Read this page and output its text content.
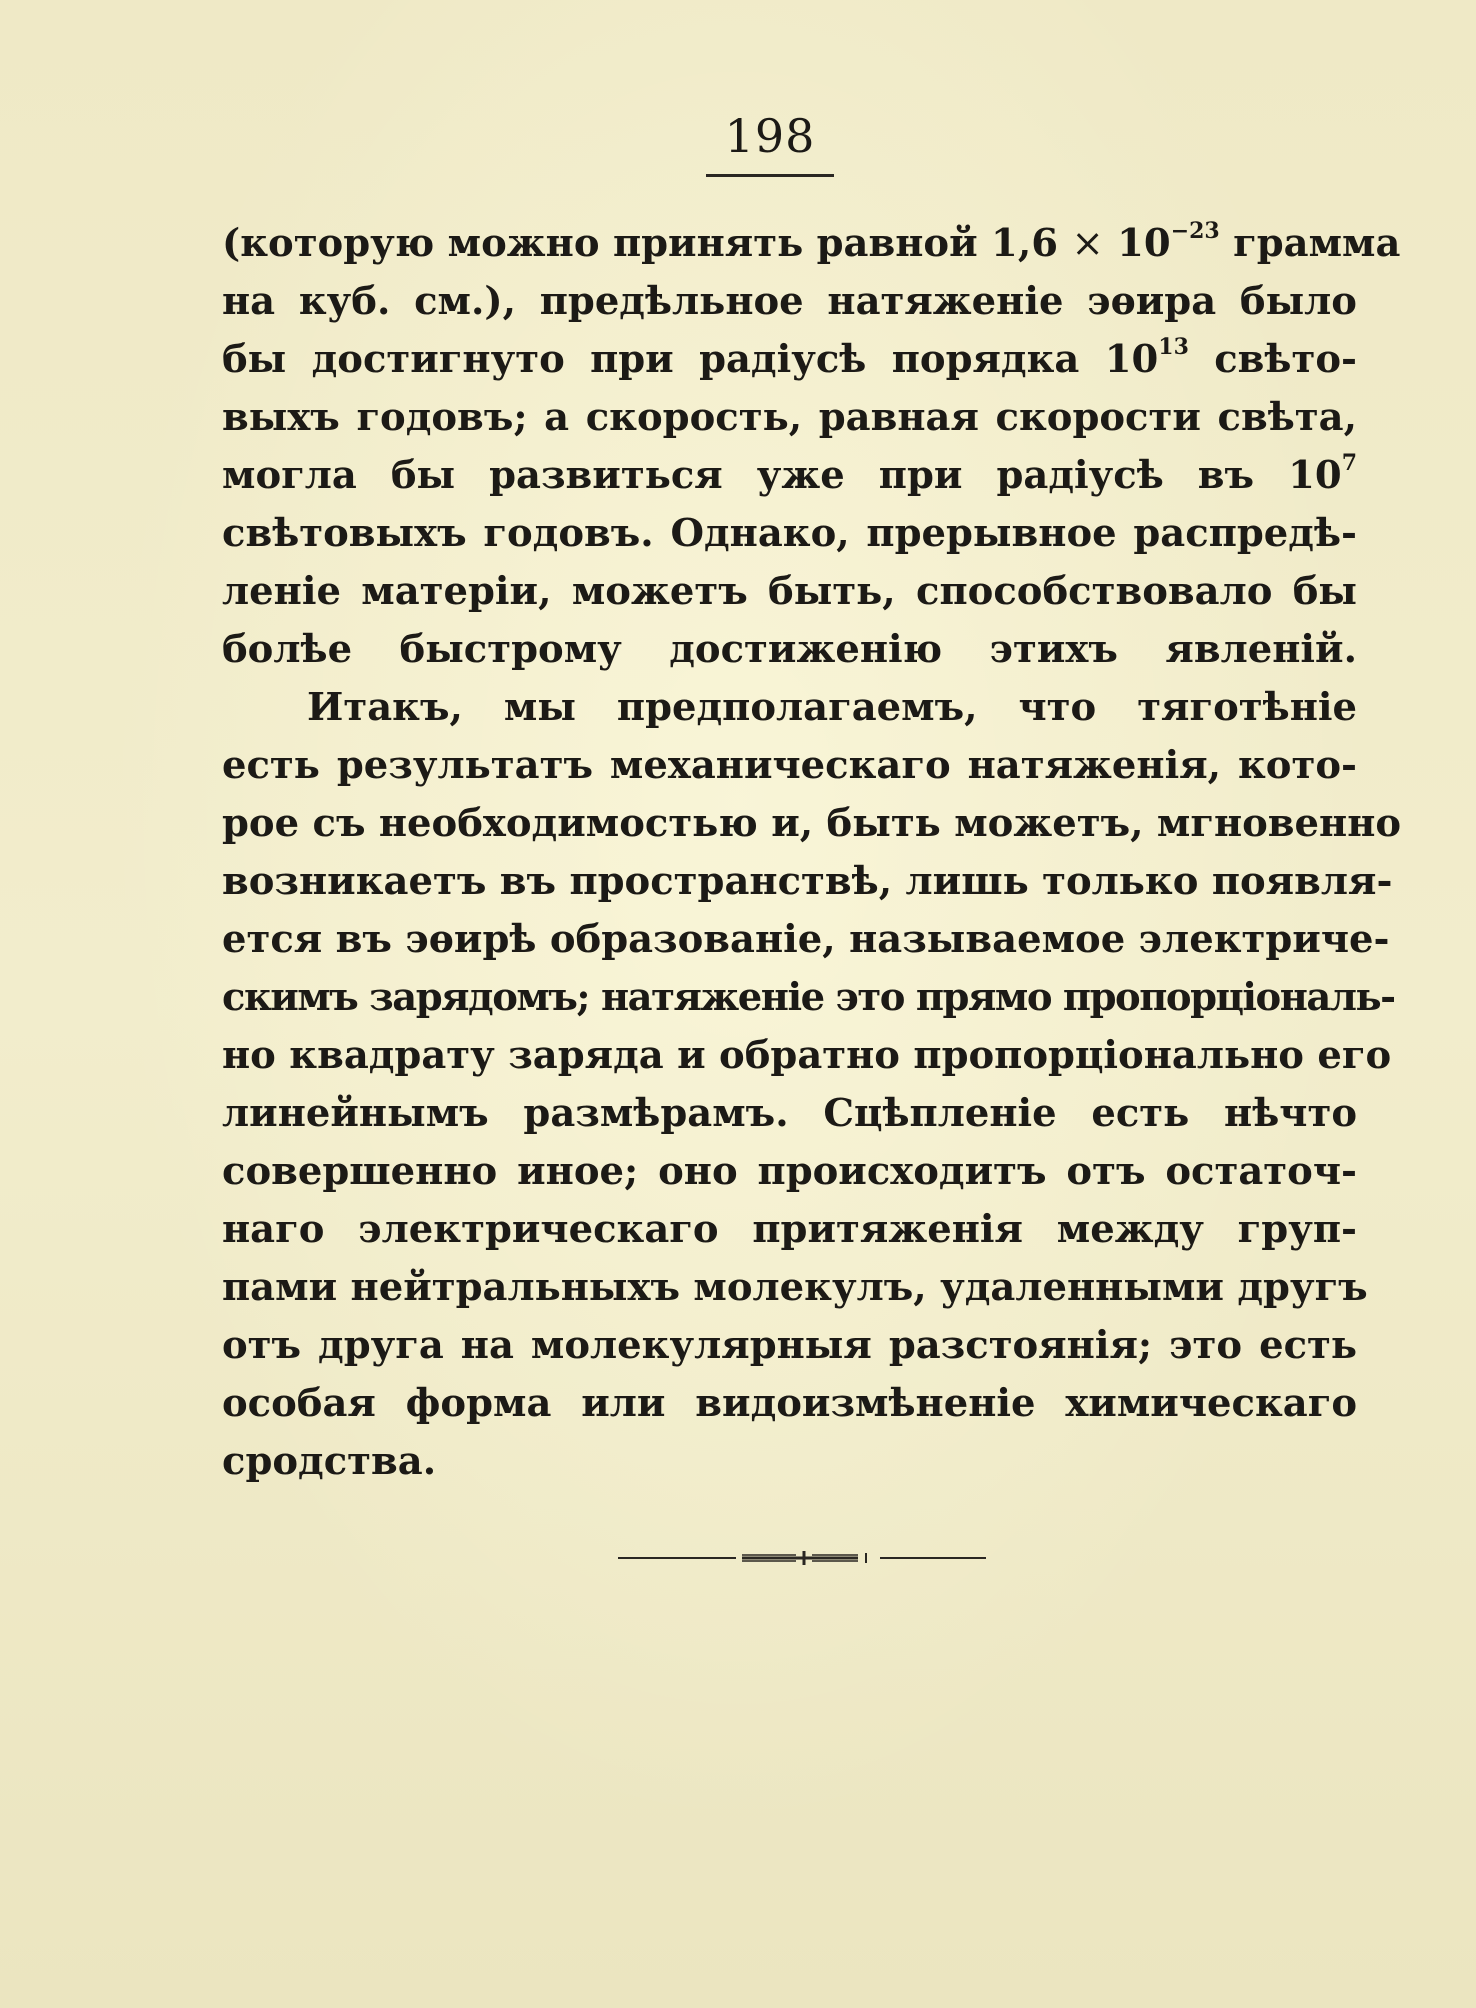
198
(которую можно принять равной $1,6 \times 10^{-23}$ грамма
на куб. см.), предѣльное натяженіе эѳира было
бы достигнуто при радіусѣ порядка $10^{13}$ свѣто-
выхъ годовъ; а скорость, равная скорости свѣта,
могла бы развиться уже при радіусѣ въ $10^7$
свѣтовыхъ годовъ. Однако, прерывное распредѣ-
леніе матеріи, можетъ быть, способствовало бы
болѣе быстрому достиженію этихъ явленій.
Итакъ, мы предполагаемъ, что тяготѣніе
есть результатъ механическаго натяженія, кото-
рое съ необходимостью и, быть можетъ, мгновенно
возникаетъ въ пространствѣ, лишь только появля-
ется въ эѳирѣ образованіе, называемое электриче-
скимъ зарядомъ; натяженіе это прямо пропорціональ-
но квадрату заряда и обратно пропорціонально его
линейнымъ размѣрамъ. Сцѣпленіе есть нѣчто
совершенно иное; оно происходитъ отъ остаточ-
наго электрическаго притяженія между груп-
пами нейтральныхъ молекулъ, удаленными другъ
отъ друга на молекулярныя разстоянія; это есть
особая форма или видоизмѣненіе химическаго
сродства.
